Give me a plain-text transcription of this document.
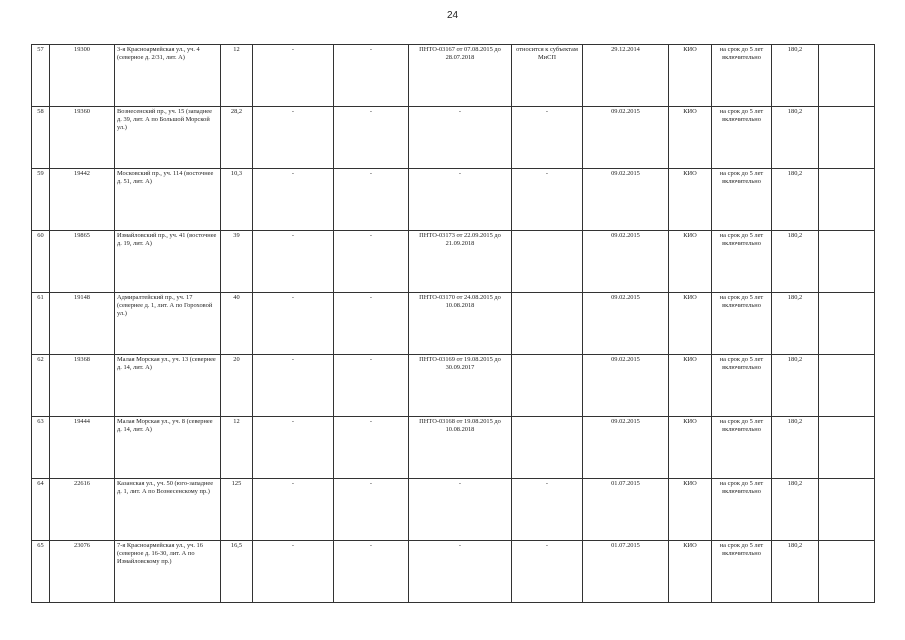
24
57	19300	3-я Красноармейская ул., уч. 4 (северное д. 2/31, лит. А)	12	-	-	ПНТО-03167 от 07.08.2015 до 28.07.2018	относится к субъектам МиСП	29.12.2014	КИО	на срок до 5 лет включительно	180,2	
58	19360	Вознесенский пр., уч. 15 (западнее д. 39, лит. А по Большой Морской ул.)	28,2	-	-	-	-	09.02.2015	КИО	на срок до 5 лет включительно	180,2	
59	19442	Московский пр., уч. 114 (восточнее д. 51, лит. А)	10,3	-	-	-	-	09.02.2015	КИО	на срок до 5 лет включительно	180,2	
60	19865	Измайловский пр., уч. 41 (восточнее д. 19, лит. А)	39	-	-	ПНТО-03173 от 22.09.2015 до 21.09.2018		09.02.2015	КИО	на срок до 5 лет включительно	180,2	
61	19148	Адмиралтейский пр., уч. 17 (севернее д. 1, лит. А по Гороховой ул.)	40	-	-	ПНТО-03170 от 24.08.2015 до 10.08.2018		09.02.2015	КИО	на срок до 5 лет включительно	180,2	
62	19368	Малая Морская ул., уч. 13 (севернее д. 14, лит. А)	20	-	-	ПНТО-03169 от 19.08.2015 до 30.09.2017		09.02.2015	КИО	на срок до 5 лет включительно	180,2	
63	19444	Малая Морская ул., уч. 8 (севернее д. 14, лит. А)	12	-	-	ПНТО-03168 от 19.08.2015 до 10.08.2018		09.02.2015	КИО	на срок до 5 лет включительно	180,2	
64	22616	Казанская ул., уч. 50 (юго-западнее д. 1, лит. А по Вознесенскому пр.)	125	-	-	-	-	01.07.2015	КИО	на срок до 5 лет включительно	180,2	
65	23076	7-я Красноармейская ул., уч. 16 (северное д. 16-30, лит. А по Измайловскому пр.)	16,5	-	-	-	-	01.07.2015	КИО	на срок до 5 лет включительно	180,2	
